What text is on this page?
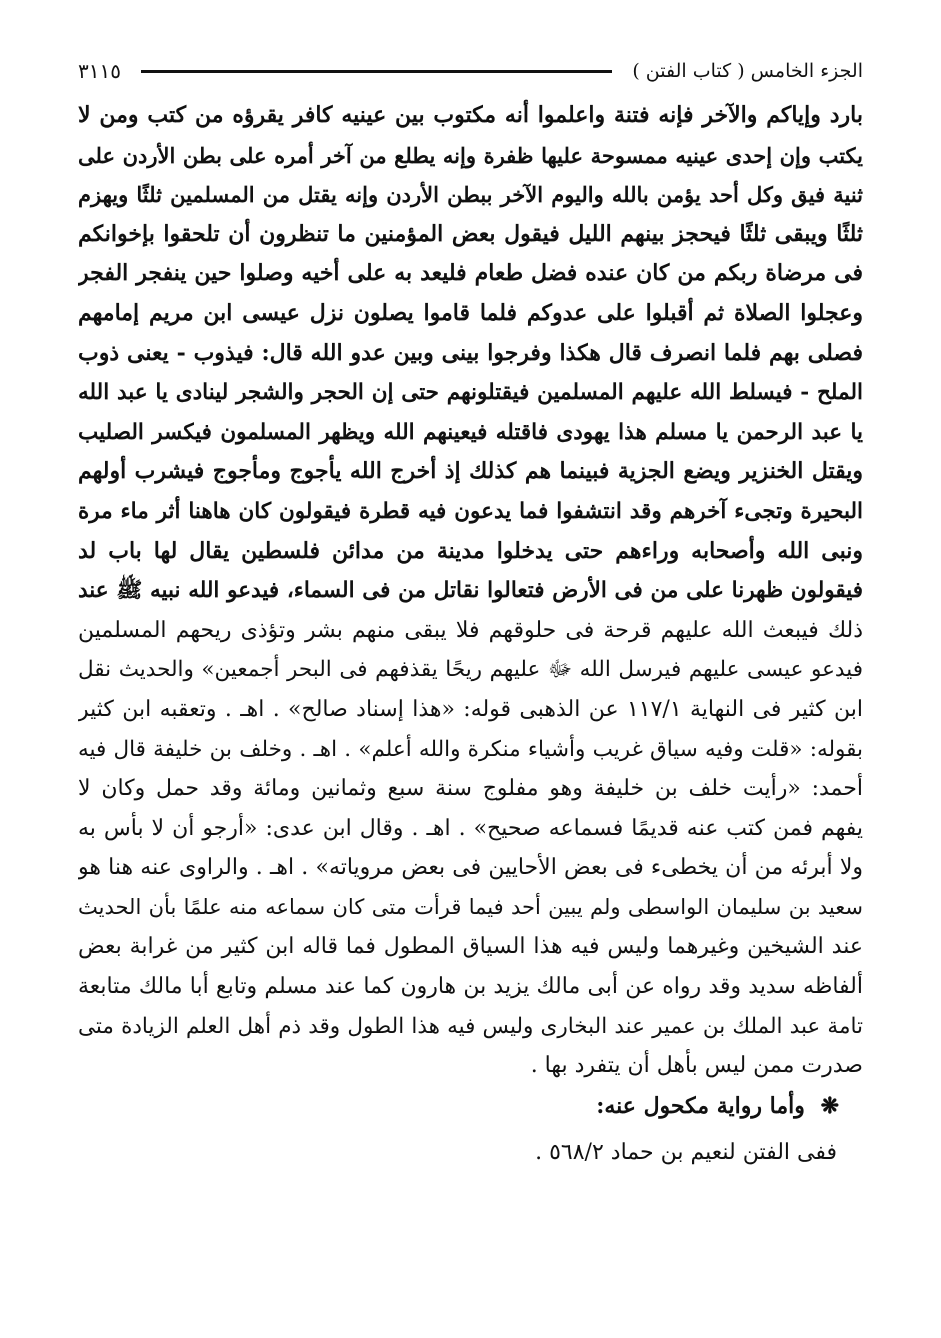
الجزء الخامس ( كتاب الفتن )
٣١١٥
بارد وإياكم والآخر فإنه فتنة واعلموا أنه مكتوب بين عينيه كافر يقرؤه من كتب ومن لا
يكتب وإن إحدى عينيه ممسوحة عليها ظفرة وإنه يطلع من آخر أمره على بطن الأردن على
ثنية فيق وكل أحد يؤمن بالله واليوم الآخر ببطن الأردن وإنه يقتل من المسلمين ثلثًا ويهزم
ثلثًا ويبقى ثلثًا فيحجز بينهم الليل فيقول بعض المؤمنين ما تنظرون أن تلحقوا بإخوانكم
فى مرضاة ربكم من كان عنده فضل طعام فليعد به على أخيه وصلوا حين ينفجر الفجر
وعجلوا الصلاة ثم أقبلوا على عدوكم فلما قاموا يصلون نزل عيسى ابن مريم إمامهم
فصلى بهم فلما انصرف قال هكذا وفرجوا بينى وبين عدو الله قال: فيذوب - يعنى ذوب
الملح - فيسلط الله عليهم المسلمين فيقتلونهم حتى إن الحجر والشجر لينادى يا عبد الله
يا عبد الرحمن يا مسلم هذا يهودى فاقتله فيعينهم الله ويظهر المسلمون فيكسر الصليب
ويقتل الخنزير ويضع الجزية فبينما هم كذلك إذ أخرج الله يأجوج ومأجوج فيشرب أولهم
البحيرة وتجىء آخرهم وقد انتشفوا فما يدعون فيه قطرة فيقولون كان هاهنا أثر ماء مرة
ونبى الله وأصحابه وراءهم حتى يدخلوا مدينة من مدائن فلسطين يقال لها باب لد
فيقولون ظهرنا على من فى الأرض فتعالوا نقاتل من فى السماء، فيدعو الله نبيه ﷺ عند
ذلك فيبعث الله عليهم قرحة فى حلوقهم فلا يبقى منهم بشر وتؤذى ريحهم المسلمين
فيدعو عيسى عليهم فيرسل الله ﷻ عليهم ريحًا يقذفهم فى البحر أجمعين» والحديث نقل
ابن كثير فى النهاية ١١٧/١ عن الذهبى قوله: «هذا إسناد صالح» . اهـ . وتعقبه ابن كثير
بقوله: «قلت وفيه سياق غريب وأشياء منكرة والله أعلم» . اهـ . وخلف بن خليفة قال فيه
أحمد: «رأيت خلف بن خليفة وهو مفلوج سنة سبع وثمانين ومائة وقد حمل وكان لا
يفهم فمن كتب عنه قديمًا فسماعه صحيح» . اهـ . وقال ابن عدى: «أرجو أن لا بأس به
ولا أبرئه من أن يخطىء فى بعض الأحايين فى بعض مروياته» . اهـ . والراوى عنه هنا هو
سعيد بن سليمان الواسطى ولم يبين أحد فيما قرأت متى كان سماعه منه علمًا بأن الحديث
عند الشيخين وغيرهما وليس فيه هذا السياق المطول فما قاله ابن كثير من غرابة بعض
ألفاظه سديد وقد رواه عن أبى مالك يزيد بن هارون كما عند مسلم وتابع أبا مالك متابعة
تامة عبد الملك بن عمير عند البخارى وليس فيه هذا الطول وقد ذم أهل العلم الزيادة متى
صدرت ممن ليس بأهل أن يتفرد بها .
❋ وأما رواية مكحول عنه:
ففى الفتن لنعيم بن حماد ٥٦٨/٢ .
